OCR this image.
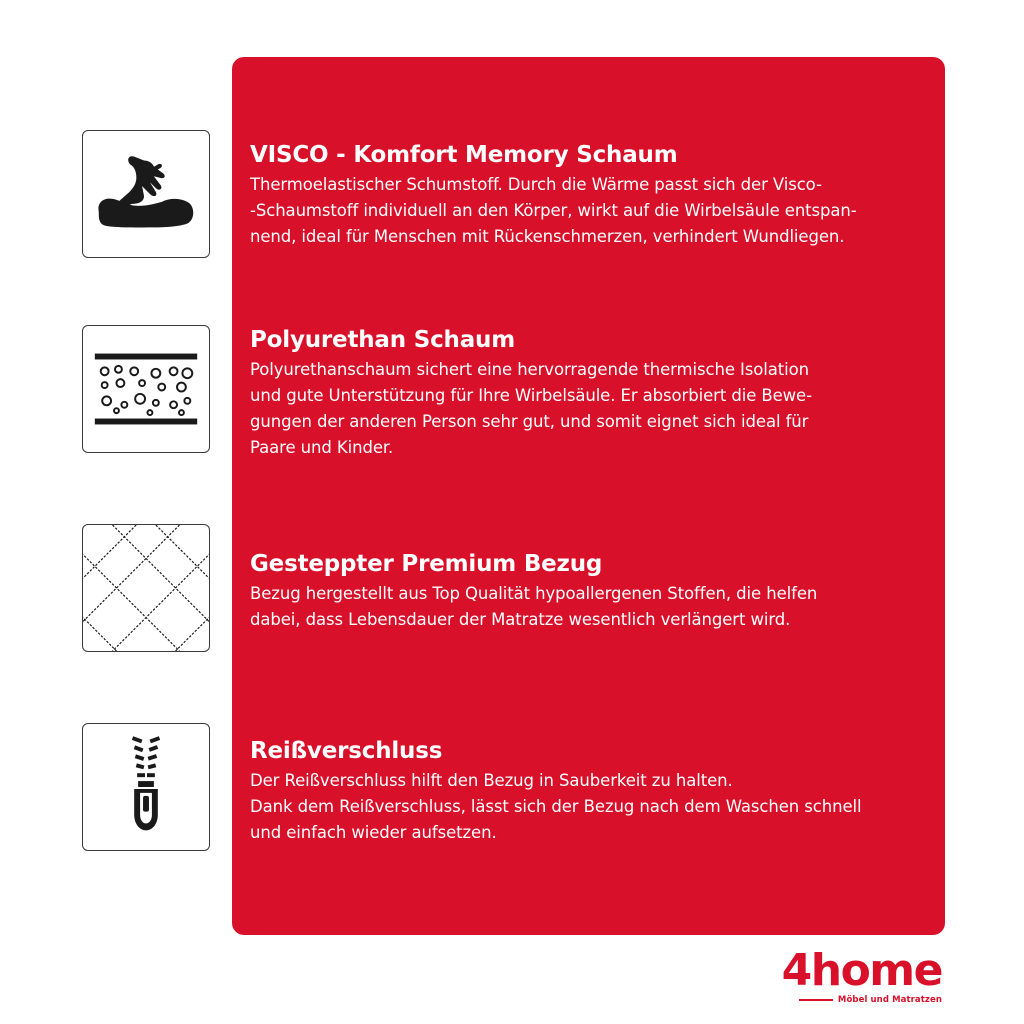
VISCO - Komfort Memory Schaum

Thermoelastischer Schumstoff. Durch die Wärme passt sich der Visco-
-Schaumstoff individuell an den Körper, wirkt auf die Wirbelsäule entspan-
nend, ideal für Menschen mit Rückenschmerzen, verhindert Wundliegen.

Polyurethan Schaum

Polyurethanschaum sichert eine hervorragende thermische Isolation
und gute Unterstützung für Ihre Wirbelsäule. Er absorbiert die Bewe-
gungen der anderen Person sehr gut, und somit eignet sich ideal für
Paare und Kinder.

Gesteppter Premium Bezug

Bezug hergestellt aus Top Qualität hypoallergenen Stoffen, die helfen
dabei, dass Lebensdauer der Matratze wesentlich verlängert wird.

Reißverschluss

Der Reißverschluss hilft den Bezug in Sauberkeit zu halten.
Dank dem Reißverschluss, lässt sich der Bezug nach dem Waschen schnell
und einfach wieder aufsetzen.

4home
Möbel und Matratzen
